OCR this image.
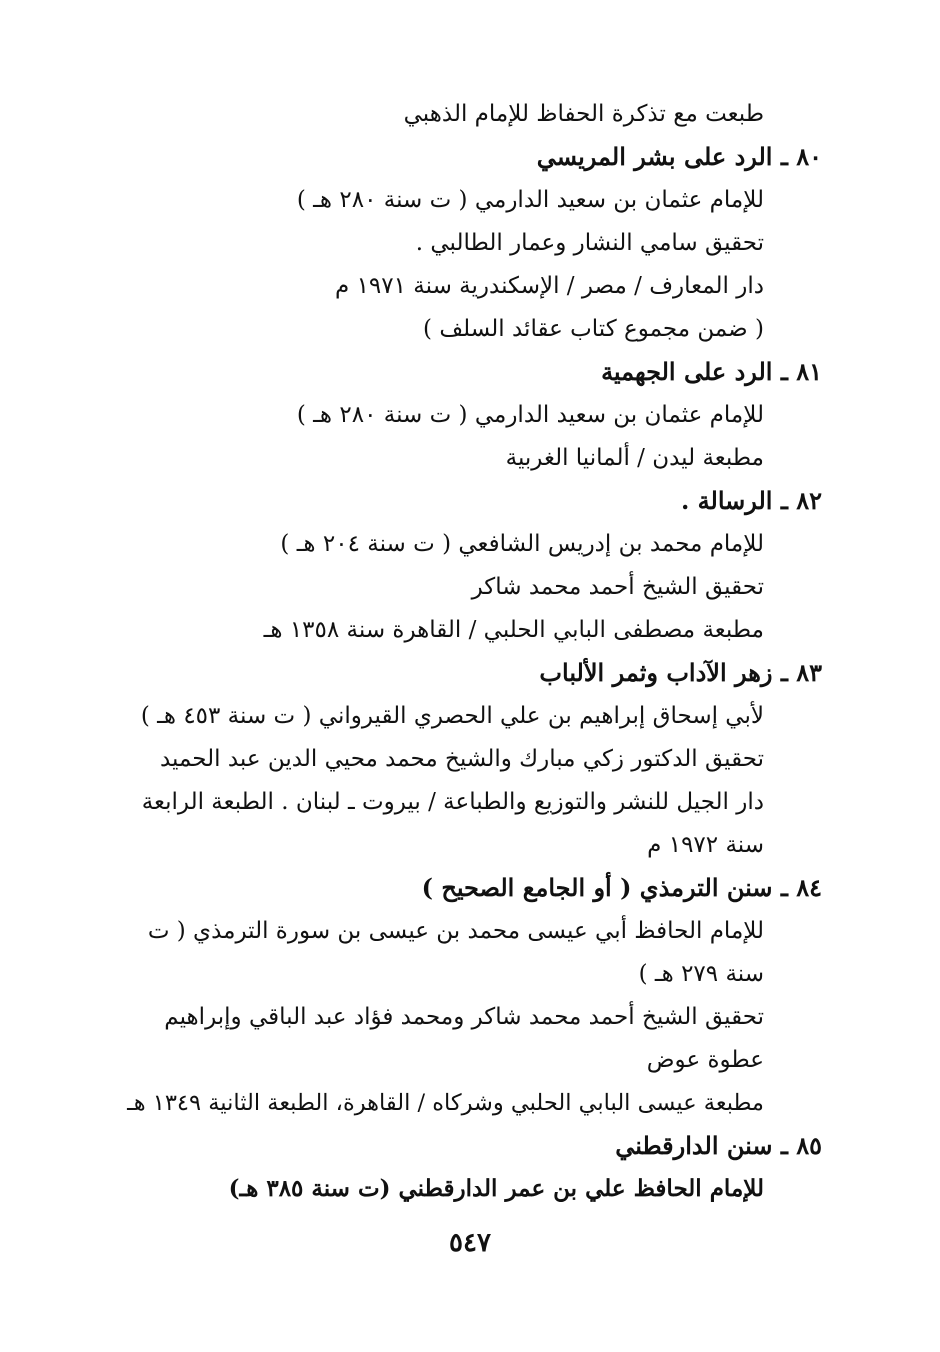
طبعت مع تذكرة الحفاظ للإمام الذهبي
٨٠ ـ الرد على بشر المريسي
للإمام عثمان بن سعيد الدارمي ( ت سنة ٢٨٠ هـ )
تحقيق سامي النشار وعمار الطالبي .
دار المعارف / مصر / الإسكندرية سنة ١٩٧١ م
( ضمن مجموع كتاب عقائد السلف )
٨١ ـ الرد على الجهمية
للإمام عثمان بن سعيد الدارمي ( ت سنة ٢٨٠ هـ )
مطبعة ليدن / ألمانيا الغربية
٨٢ ـ الرسالة .
للإمام محمد بن إدريس الشافعي ( ت سنة ٢٠٤ هـ )
تحقيق الشيخ أحمد محمد شاكر
مطبعة مصطفى البابي الحلبي / القاهرة سنة ١٣٥٨ هـ
٨٣ ـ زهر الآداب وثمر الألباب
لأبي إسحاق إبراهيم بن علي الحصري القيرواني ( ت سنة ٤٥٣ هـ )
تحقيق الدكتور زكي مبارك والشيخ محمد محيي الدين عبد الحميد
دار الجيل للنشر والتوزيع والطباعة / بيروت ـ لبنان . الطبعة الرابعة
سنة ١٩٧٢ م
٨٤ ـ سنن الترمذي ( أو الجامع الصحيح )
للإمام الحافظ أبي عيسى محمد بن عيسى بن سورة الترمذي ( ت
سنة ٢٧٩ هـ )
تحقيق الشيخ أحمد محمد شاكر ومحمد فؤاد عبد الباقي وإبراهيم
عطوة عوض
مطبعة عيسى البابي الحلبي وشركاه / القاهرة، الطبعة الثانية ١٣٤٩ هـ
٨٥ ـ سنن الدارقطني
للإمام الحافظ علي بن عمر الدارقطني (ت سنة ٣٨٥ هـ)
٥٤٧
